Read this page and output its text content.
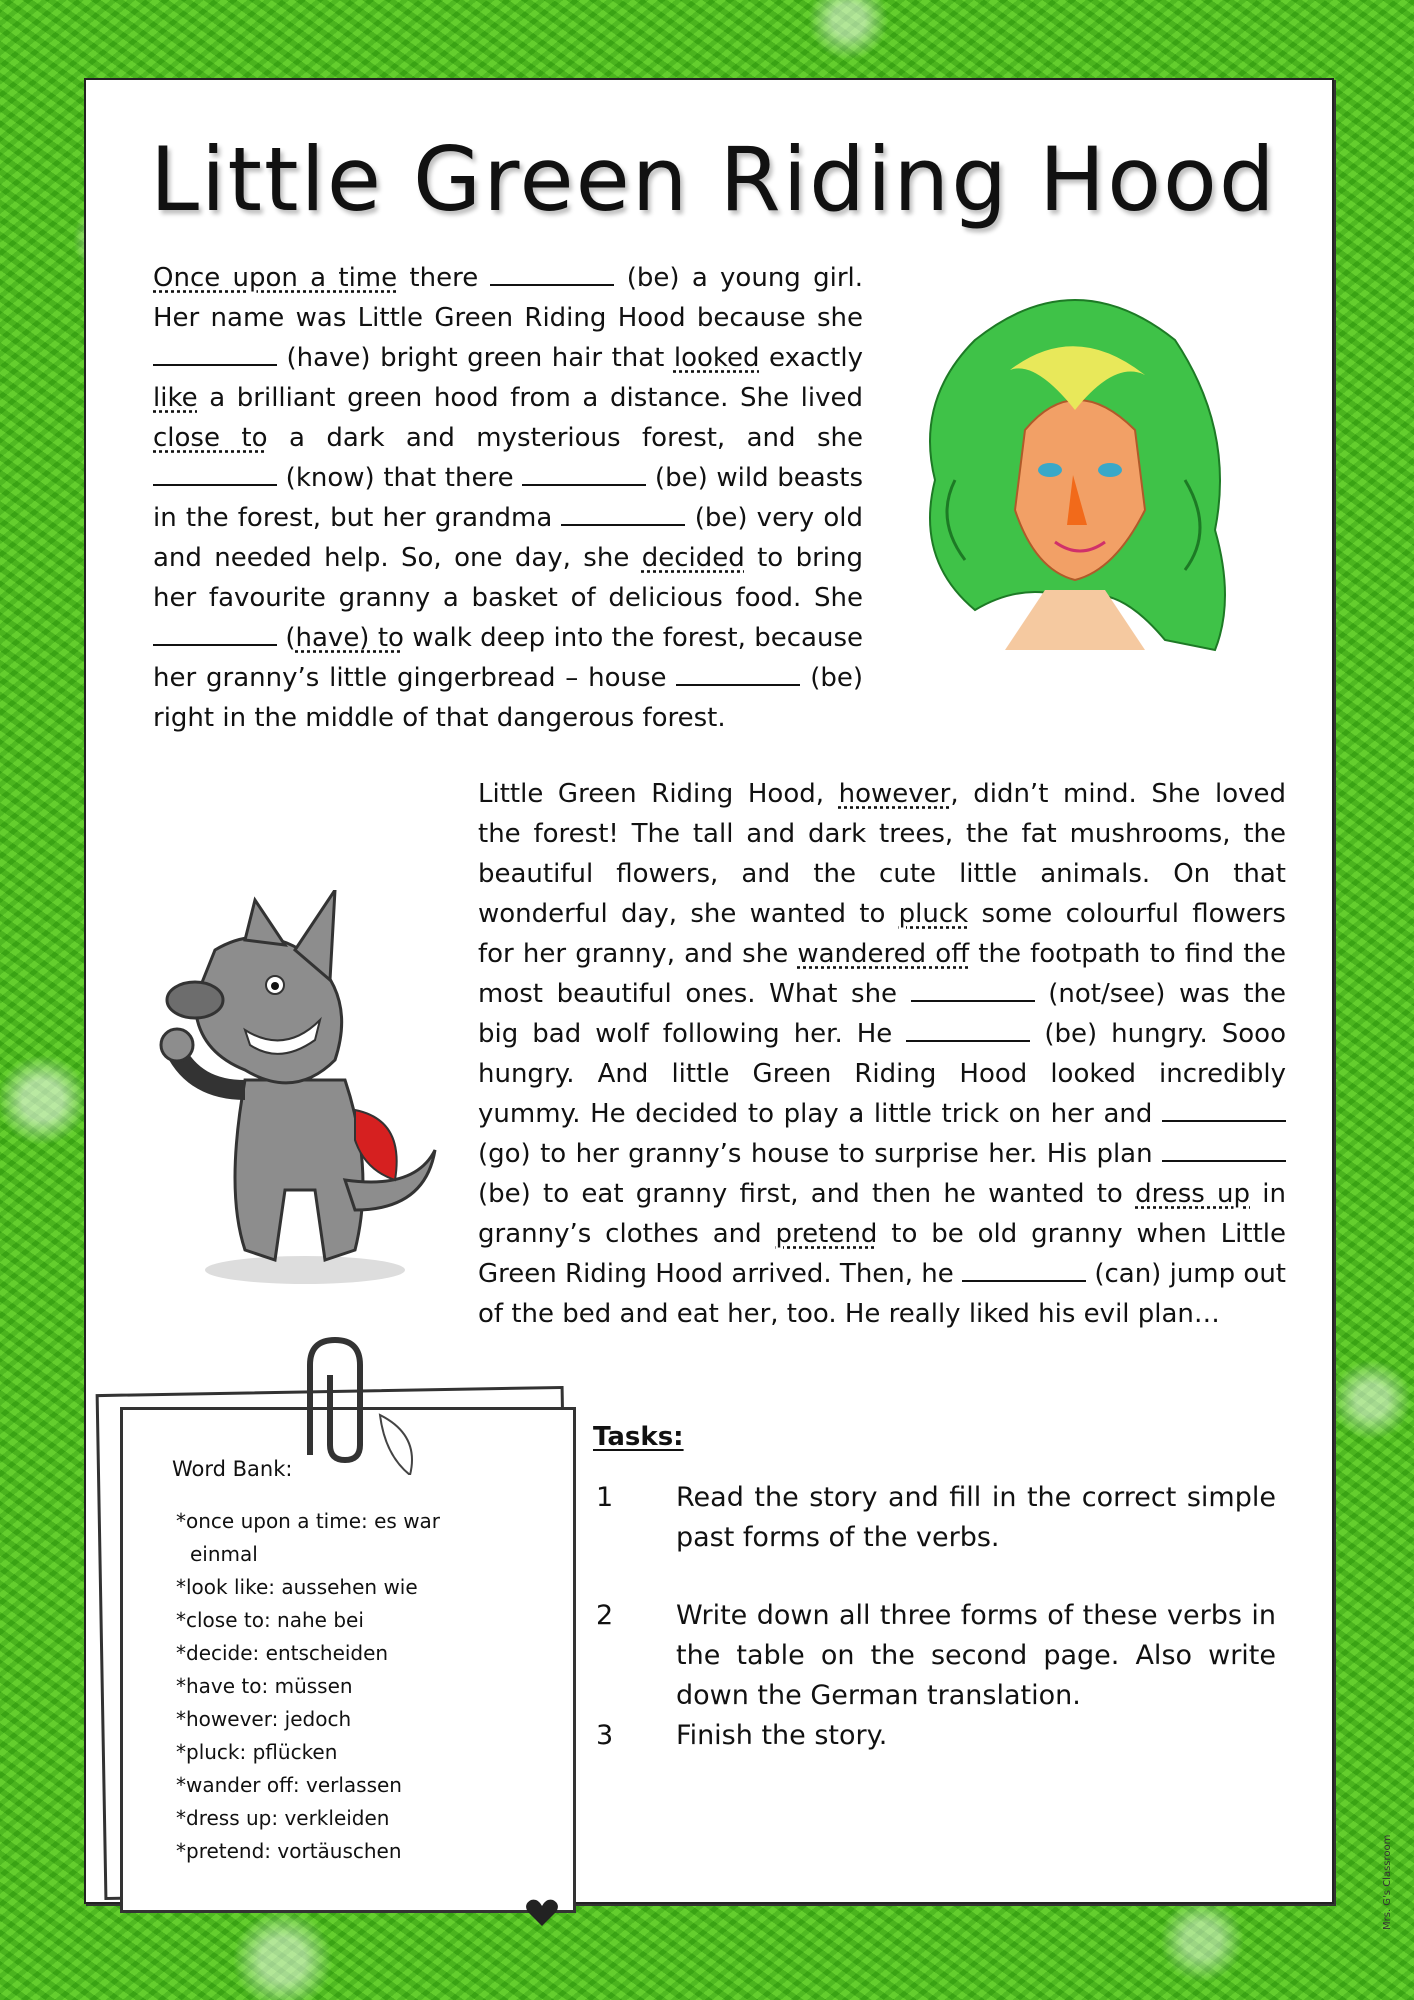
Little Green Riding Hood
Once upon a time there	(be) a young girl. Her name was Little Green Riding Hood because she  (have) bright green hair that looked exactly like a brilliant green hood from a distance. She lived close to a dark and mysterious forest, and she  (know) that there	(be) wild beasts in the forest, but her grandma	(be) very old and needed help. So, one day, she decided to bring her favourite granny a basket of delicious food. She  (have) to walk deep into the forest, because her granny’s little gingerbread – house	(be) right in the middle of that dangerous forest.
Little Green Riding Hood, however, didn’t mind. She loved the forest! The tall and dark trees, the fat mushrooms, the beautiful flowers, and the cute little animals. On that wonderful day, she wanted to pluck some colourful flowers for her granny, and she wandered off the footpath to find the most beautiful ones. What she	(not/see) was the big bad wolf following her. He	(be) hungry. Sooo hungry. And little Green Riding Hood looked incredibly yummy. He decided to play a little trick on her and  (go) to her granny’s house to surprise her. His plan  (be) to eat granny first, and then he wanted to dress up in granny’s clothes and pretend to be old granny when Little Green Riding Hood arrived. Then, he	(can) jump out of the bed and eat her, too. He really liked his evil plan…
Word Bank:
*once upon a time: es war einmal
*look like: aussehen wie
*close to: nahe bei
*decide: entscheiden
*have to: müssen
*however: jedoch
*pluck: pflücken
*wander off: verlassen
*dress up: verkleiden
*pretend: vortäuschen
Tasks:
1 Read the story and fill in the correct simple past forms of the verbs.
2 Write down all three forms of these verbs in the table on the second page. Also write down the German translation.
3 Finish the story.
Mrs. G's Classroom
